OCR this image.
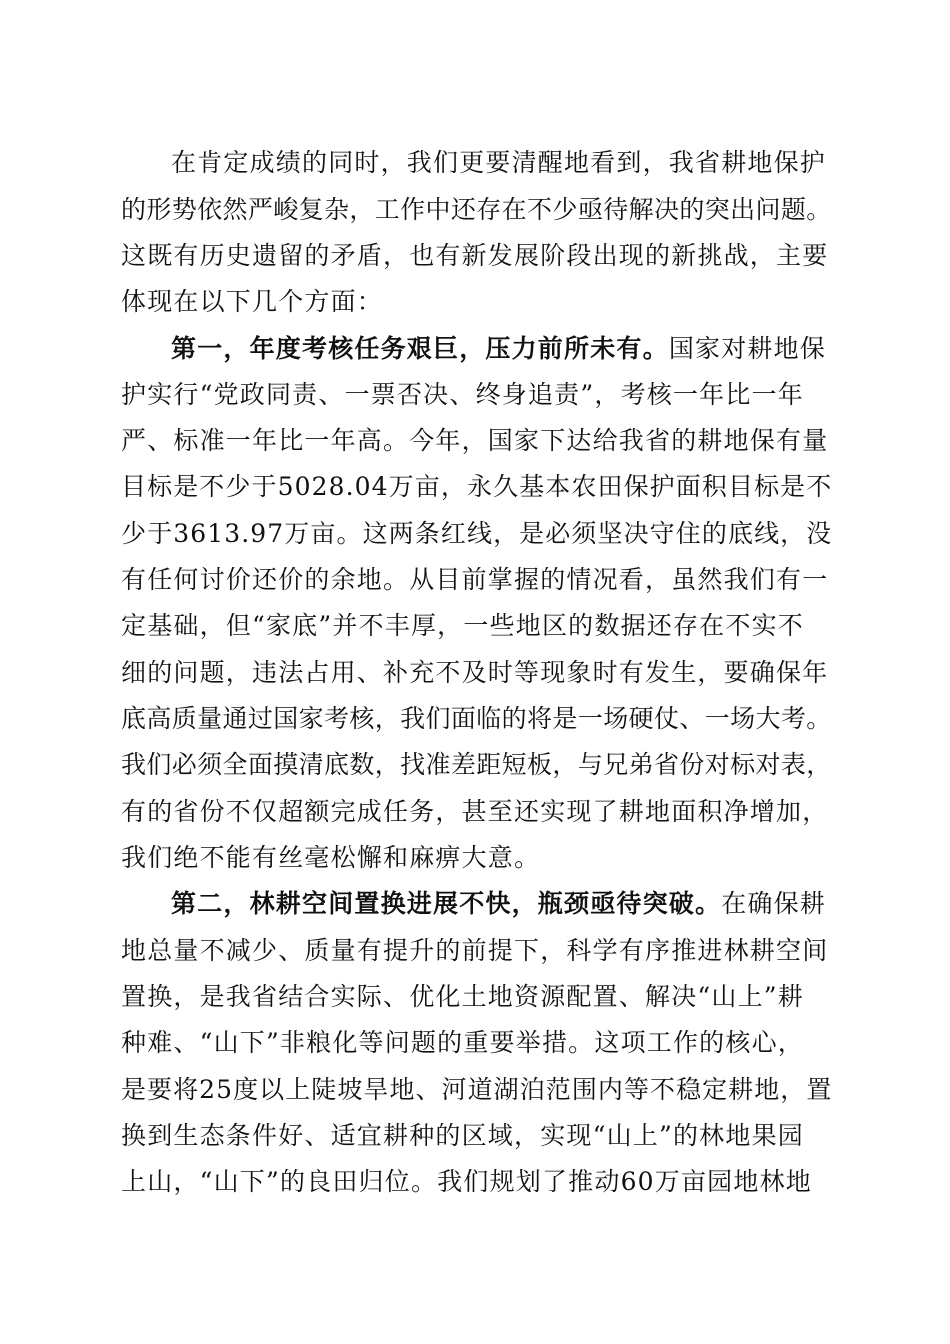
在肯定成绩的同时，我们更要清醒地看到，我省耕地保护
的形势依然严峻复杂，工作中还存在不少亟待解决的突出问题。
这既有历史遗留的矛盾，也有新发展阶段出现的新挑战，主要
体现在以下几个方面：
第一，年度考核任务艰巨，压力前所未有。国家对耕地保
护实行“党政同责、一票否决、终身追责”，考核一年比一年
严、标准一年比一年高。今年，国家下达给我省的耕地保有量
目标是不少于5028.04万亩，永久基本农田保护面积目标是不
少于3613.97万亩。这两条红线，是必须坚决守住的底线，没
有任何讨价还价的余地。从目前掌握的情况看，虽然我们有一
定基础，但“家底”并不丰厚，一些地区的数据还存在不实不
细的问题，违法占用、补充不及时等现象时有发生，要确保年
底高质量通过国家考核，我们面临的将是一场硬仗、一场大考。
我们必须全面摸清底数，找准差距短板，与兄弟省份对标对表，
有的省份不仅超额完成任务，甚至还实现了耕地面积净增加，
我们绝不能有丝毫松懈和麻痹大意。
第二，林耕空间置换进展不快，瓶颈亟待突破。在确保耕
地总量不减少、质量有提升的前提下，科学有序推进林耕空间
置换，是我省结合实际、优化土地资源配置、解决“山上”耕
种难、“山下”非粮化等问题的重要举措。这项工作的核心，
是要将25度以上陡坡旱地、河道湖泊范围内等不稳定耕地，置
换到生态条件好、适宜耕种的区域，实现“山上”的林地果园
上山，“山下”的良田归位。我们规划了推动60万亩园地林地
